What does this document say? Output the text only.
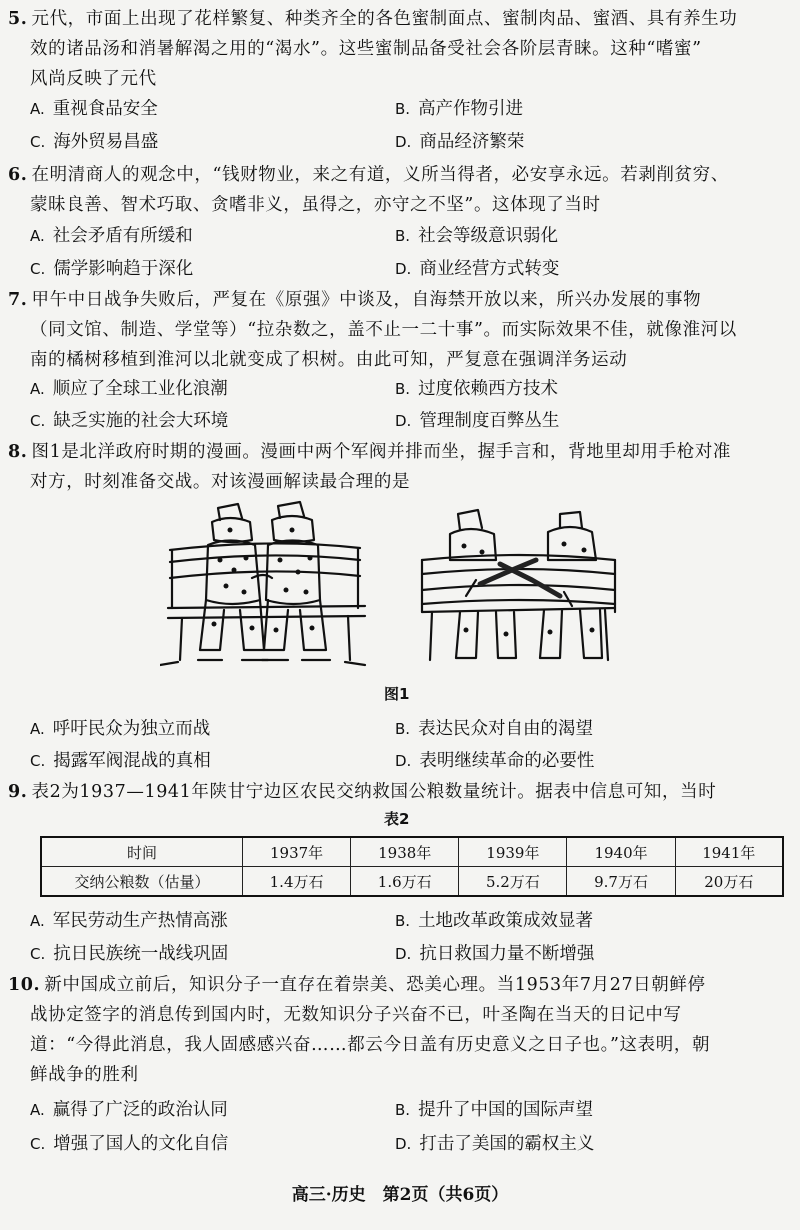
5. 元代，市面上出现了花样繁复、种类齐全的各色蜜制面点、蜜制肉品、蜜酒、具有养生功
效的诸品汤和消暑解渴之用的“渴水”。这些蜜制品备受社会各阶层青睐。这种“嗜蜜”
风尚反映了元代
A. 重视食品安全	B. 高产作物引进
C. 海外贸易昌盛	D. 商品经济繁荣
6. 在明清商人的观念中，“钱财物业，来之有道，义所当得者，必安享永远。若剥削贫穷、
蒙昧良善、智术巧取、贪嗜非义，虽得之，亦守之不坚”。这体现了当时
A. 社会矛盾有所缓和	B. 社会等级意识弱化
C. 儒学影响趋于深化	D. 商业经营方式转变
7. 甲午中日战争失败后，严复在《原强》中谈及，自海禁开放以来，所兴办发展的事物
（同文馆、制造、学堂等）“拉杂数之，盖不止一二十事”。而实际效果不佳，就像淮河以
南的橘树移植到淮河以北就变成了枳树。由此可知，严复意在强调洋务运动
A. 顺应了全球工业化浪潮	B. 过度依赖西方技术
C. 缺乏实施的社会大环境	D. 管理制度百弊丛生
8. 图1是北洋政府时期的漫画。漫画中两个军阀并排而坐，握手言和，背地里却用手枪对准
对方，时刻准备交战。对该漫画解读最合理的是
图1
A. 呼吁民众为独立而战	B. 表达民众对自由的渴望
C. 揭露军阀混战的真相	D. 表明继续革命的必要性
9. 表2为1937—1941年陕甘宁边区农民交纳救国公粮数量统计。据表中信息可知，当时
表2
时间	1937年	1938年	1939年	1940年	1941年
交纳公粮数（估量）	1.4万石	1.6万石	5.2万石	9.7万石	20万石
A. 军民劳动生产热情高涨	B. 土地改革政策成效显著
C. 抗日民族统一战线巩固	D. 抗日救国力量不断增强
10. 新中国成立前后，知识分子一直存在着崇美、恐美心理。当1953年7月27日朝鲜停
战协定签字的消息传到国内时，无数知识分子兴奋不已，叶圣陶在当天的日记中写
道：“今得此消息，我人固感感兴奋……都云今日盖有历史意义之日子也。”这表明，朝
鲜战争的胜利
A. 赢得了广泛的政治认同	B. 提升了中国的国际声望
C. 增强了国人的文化自信	D. 打击了美国的霸权主义
高三·历史　第2页（共6页）
